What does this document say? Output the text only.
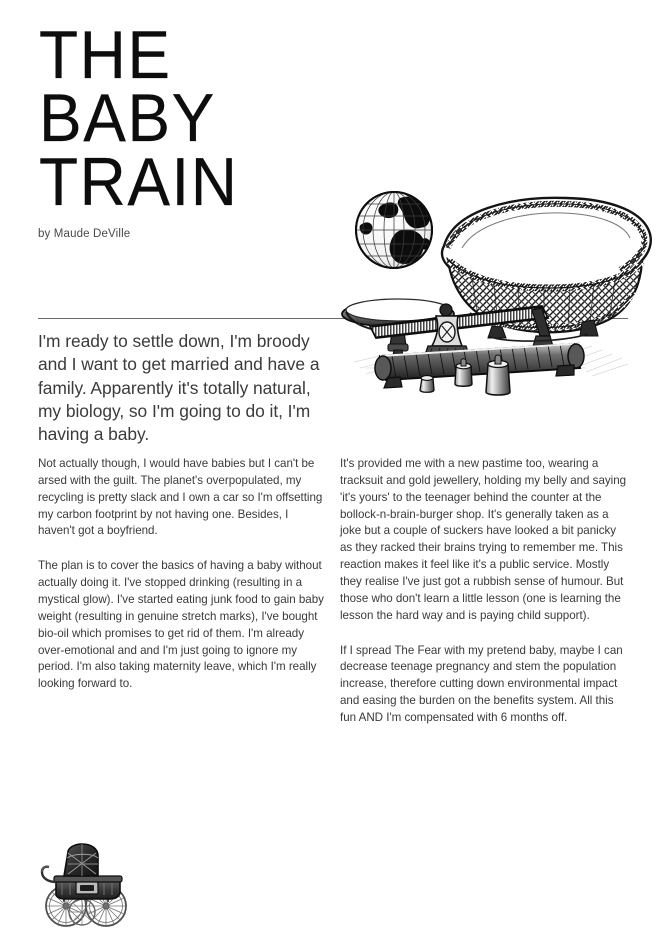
THE
BABY
TRAIN
by Maude DeVille
I'm ready to settle down, I'm broody and I want to get married and have a family. Apparently it's totally natural, my biology, so I'm going to do it, I'm having a baby.

Not actually though, I would have babies but I can't be arsed with the guilt. The planet's overpopulated, my recycling is pretty slack and I own a car so I'm offsetting my carbon footprint by not having one. Besides, I haven't got a boyfriend.

The plan is to cover the basics of having a baby without actually doing it. I've stopped drinking (resulting in a mystical glow). I've started eating junk food to gain baby weight (resulting in genuine stretch marks), I've bought bio-oil which promises to get rid of them. I'm already over-emotional and and I'm just going to ignore my period. I'm also taking maternity leave, which I'm really looking forward to.

It's provided me with a new pastime too, wearing a tracksuit and gold jewellery, holding my belly and saying 'it's yours' to the teenager behind the counter at the bollock-n-brain-burger shop. It's generally taken as a joke but a couple of suckers have looked a bit panicky as they racked their brains trying to remember me. This reaction makes it feel like it's a public service. Mostly they realise I've just got a rubbish sense of humour. But those who don't learn a little lesson (one is learning the lesson the hard way and is paying child support).

If I spread The Fear with my pretend baby, maybe I can decrease teenage pregnancy and stem the population increase, therefore cutting down environmental impact and easing the burden on the benefits system. All this fun AND I'm compensated with 6 months off.
